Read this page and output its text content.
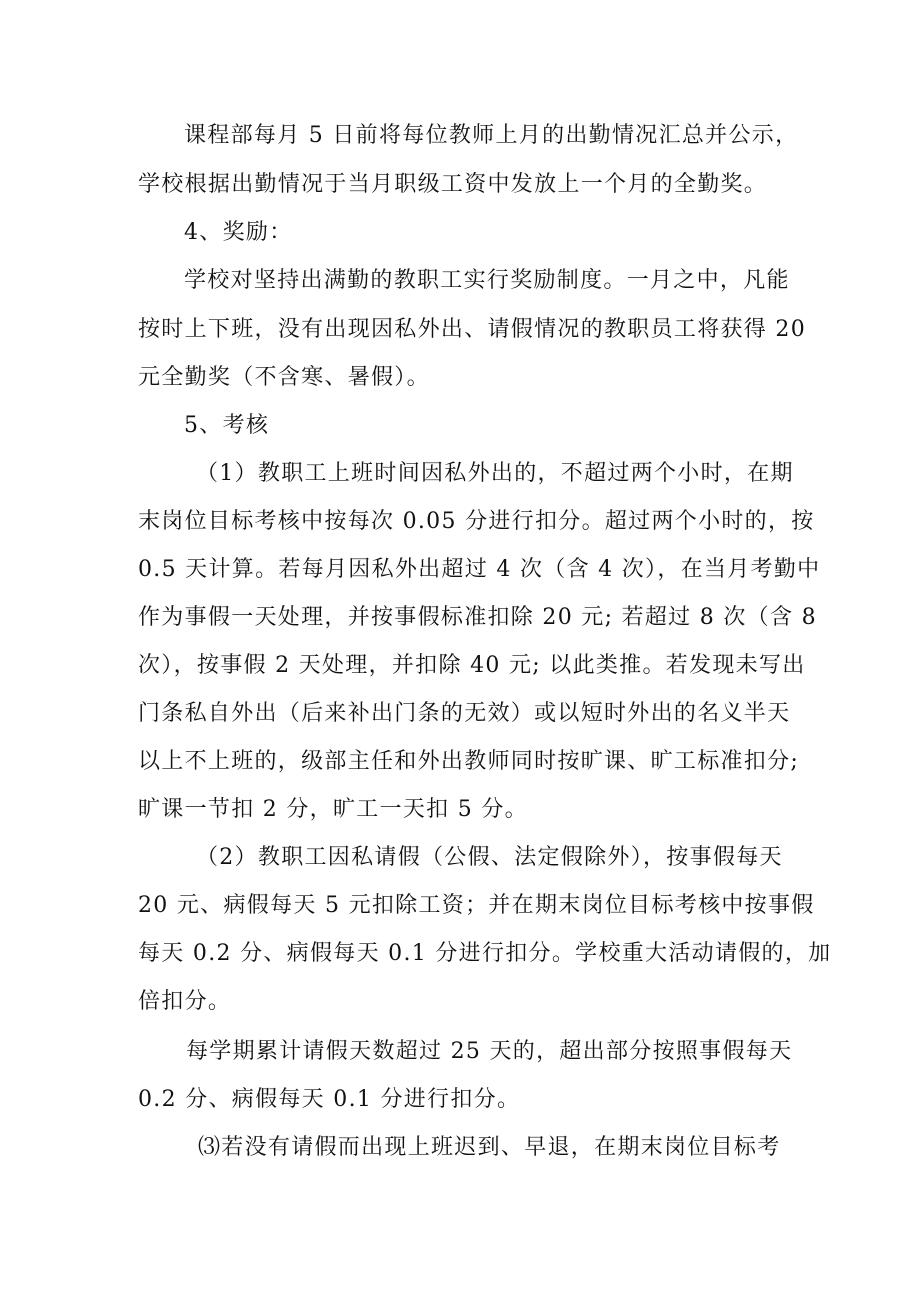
课程部每月 5 日前将每位教师上月的出勤情况汇总并公示，
学校根据出勤情况于当月职级工资中发放上一个月的全勤奖。
4、奖励：
学校对坚持出满勤的教职工实行奖励制度。一月之中，凡能
按时上下班，没有出现因私外出、请假情况的教职员工将获得 20
元全勤奖（不含寒、暑假）。
5、考核
（1）教职工上班时间因私外出的，不超过两个小时，在期
末岗位目标考核中按每次 0.05 分进行扣分。超过两个小时的，按
0.5 天计算。若每月因私外出超过 4 次（含 4 次），在当月考勤中
作为事假一天处理，并按事假标准扣除 20 元; 若超过 8 次（含 8
次），按事假 2 天处理，并扣除 40 元; 以此类推。若发现未写出
门条私自外出（后来补出门条的无效）或以短时外出的名义半天
以上不上班的，级部主任和外出教师同时按旷课、旷工标准扣分;
旷课一节扣 2 分，旷工一天扣 5 分。
（2）教职工因私请假（公假、法定假除外），按事假每天
20 元、病假每天 5 元扣除工资；并在期末岗位目标考核中按事假
每天 0.2 分、病假每天 0.1 分进行扣分。学校重大活动请假的，加
倍扣分。
每学期累计请假天数超过 25 天的，超出部分按照事假每天
0.2 分、病假每天 0.1 分进行扣分。
⑶若没有请假而出现上班迟到、早退，在期末岗位目标考
